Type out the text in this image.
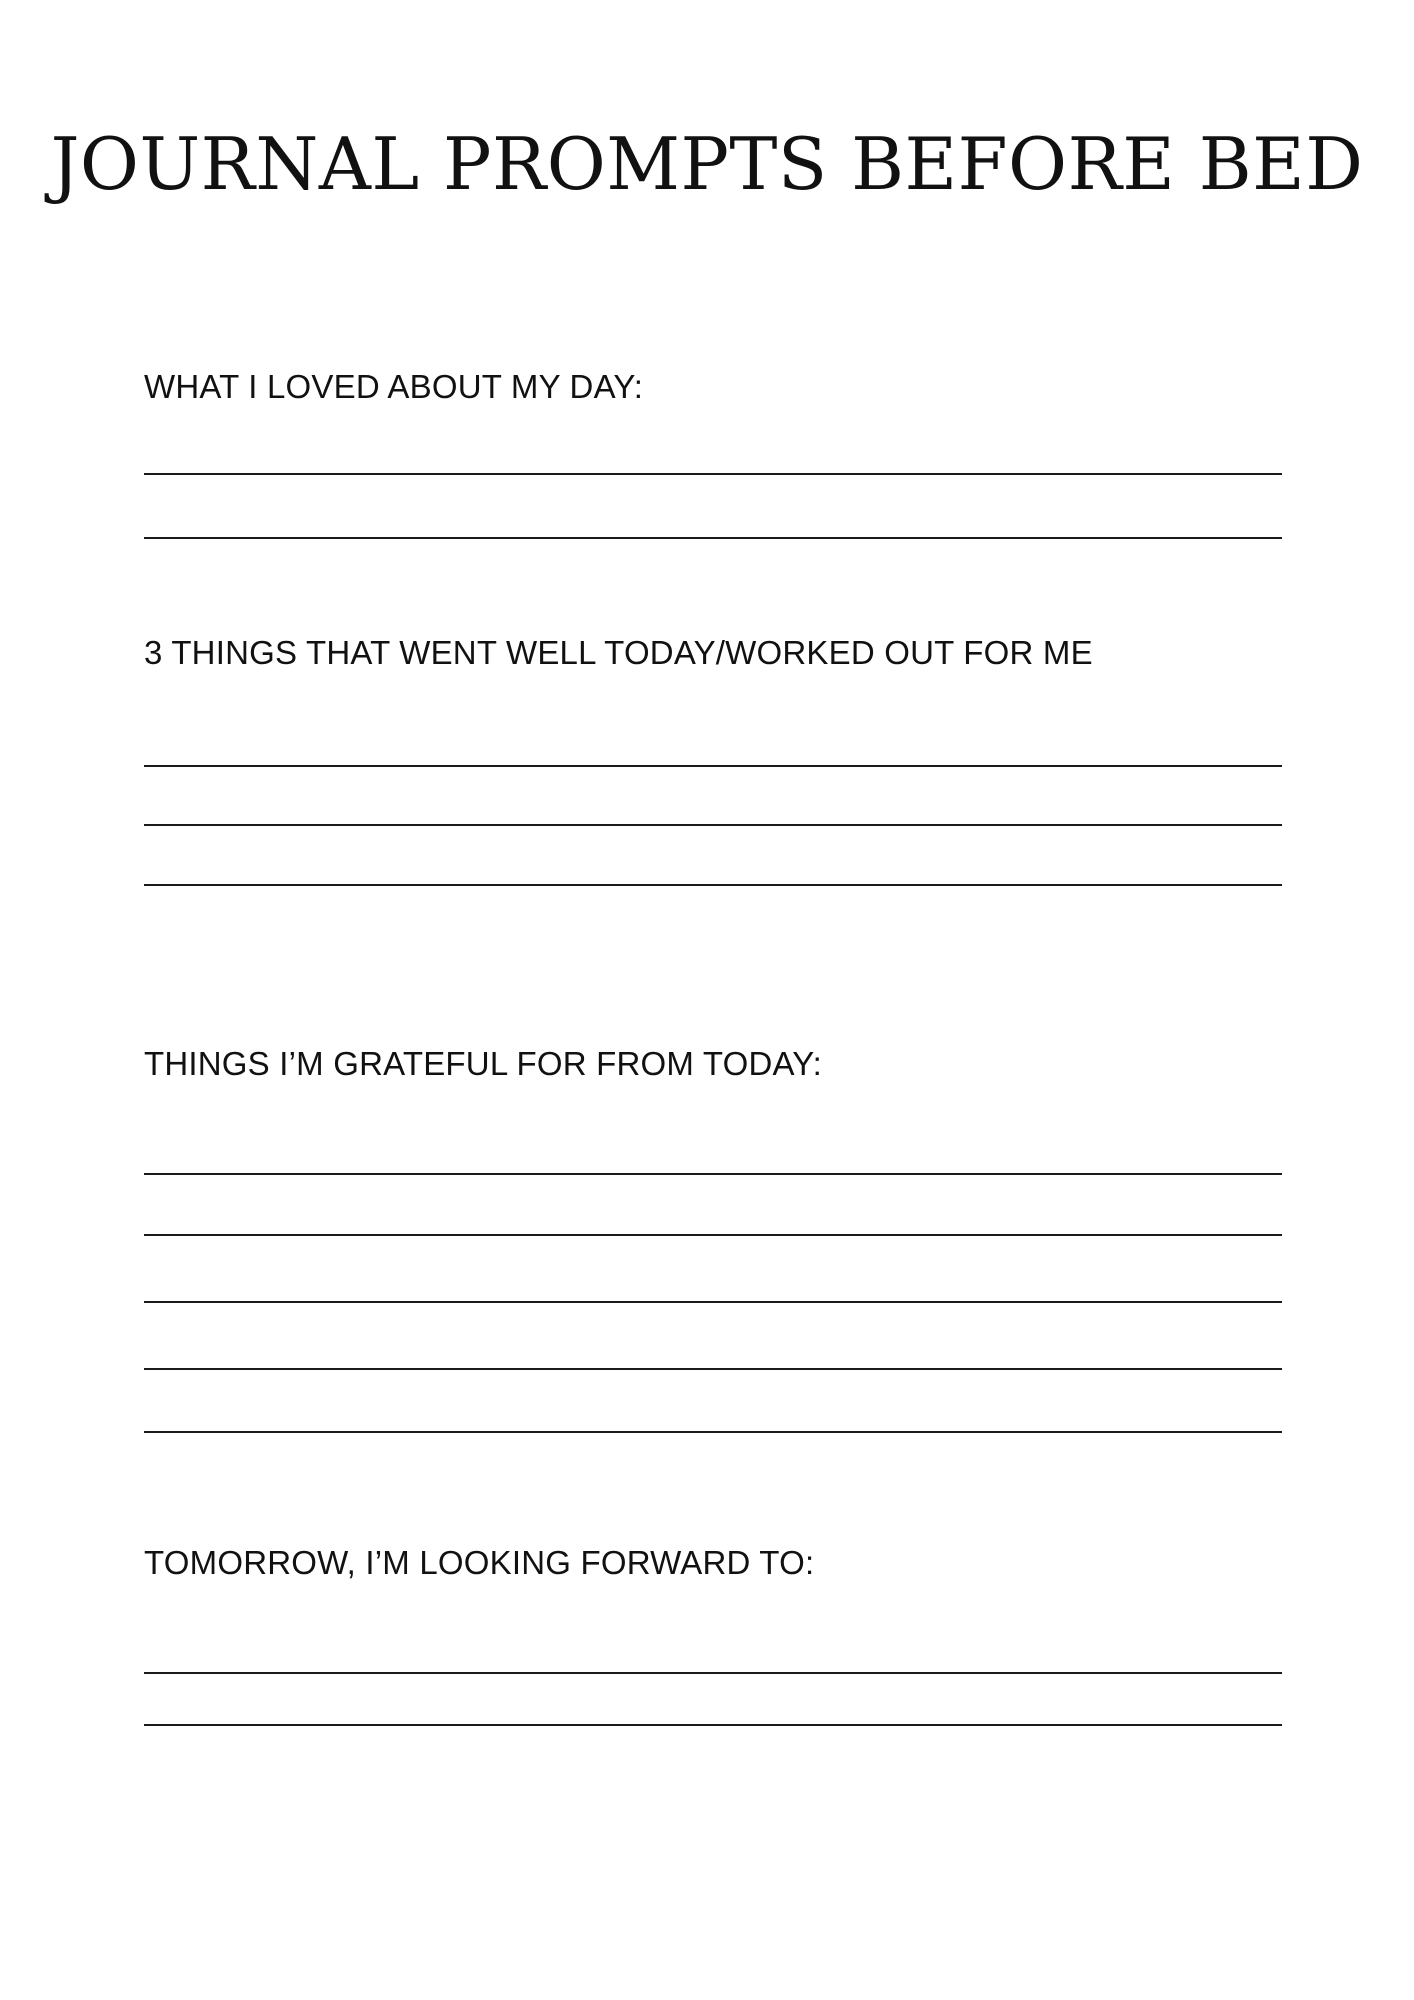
JOURNAL PROMPTS BEFORE BED
WHAT I LOVED ABOUT MY DAY:
3 THINGS THAT WENT WELL TODAY/WORKED OUT FOR ME
THINGS I’M GRATEFUL FOR FROM TODAY:
TOMORROW, I’M LOOKING FORWARD TO:
